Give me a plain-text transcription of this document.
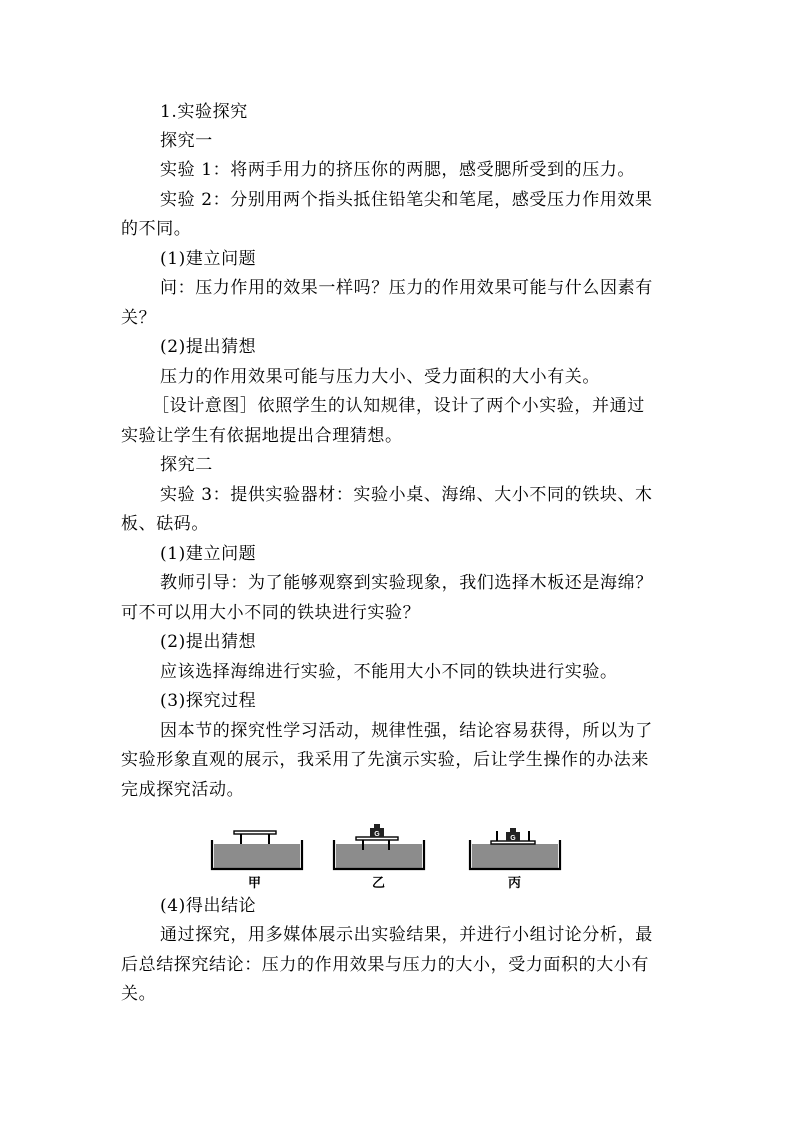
1.实验探究
探究一
实验 1：将两手用力的挤压你的两腮，感受腮所受到的压力。
实验 2：分别用两个指头抵住铅笔尖和笔尾，感受压力作用效果
的不同。
(1)建立问题
问：压力作用的效果一样吗？压力的作用效果可能与什么因素有
关？
(2)提出猜想
压力的作用效果可能与压力大小、受力面积的大小有关。
［设计意图］依照学生的认知规律，设计了两个小实验，并通过
实验让学生有依据地提出合理猜想。
探究二
实验 3：提供实验器材：实验小桌、海绵、大小不同的铁块、木
板、砝码。
(1)建立问题
教师引导：为了能够观察到实验现象，我们选择木板还是海绵？
可不可以用大小不同的铁块进行实验？
(2)提出猜想
应该选择海绵进行实验，不能用大小不同的铁块进行实验。
(3)探究过程
因本节的探究性学习活动，规律性强，结论容易获得，所以为了
实验形象直观的展示，我采用了先演示实验，后让学生操作的办法来
完成探究活动。
G
G
甲	乙	丙
(4)得出结论
通过探究，用多媒体展示出实验结果，并进行小组讨论分析，最
后总结探究结论：压力的作用效果与压力的大小，受力面积的大小有
关。
